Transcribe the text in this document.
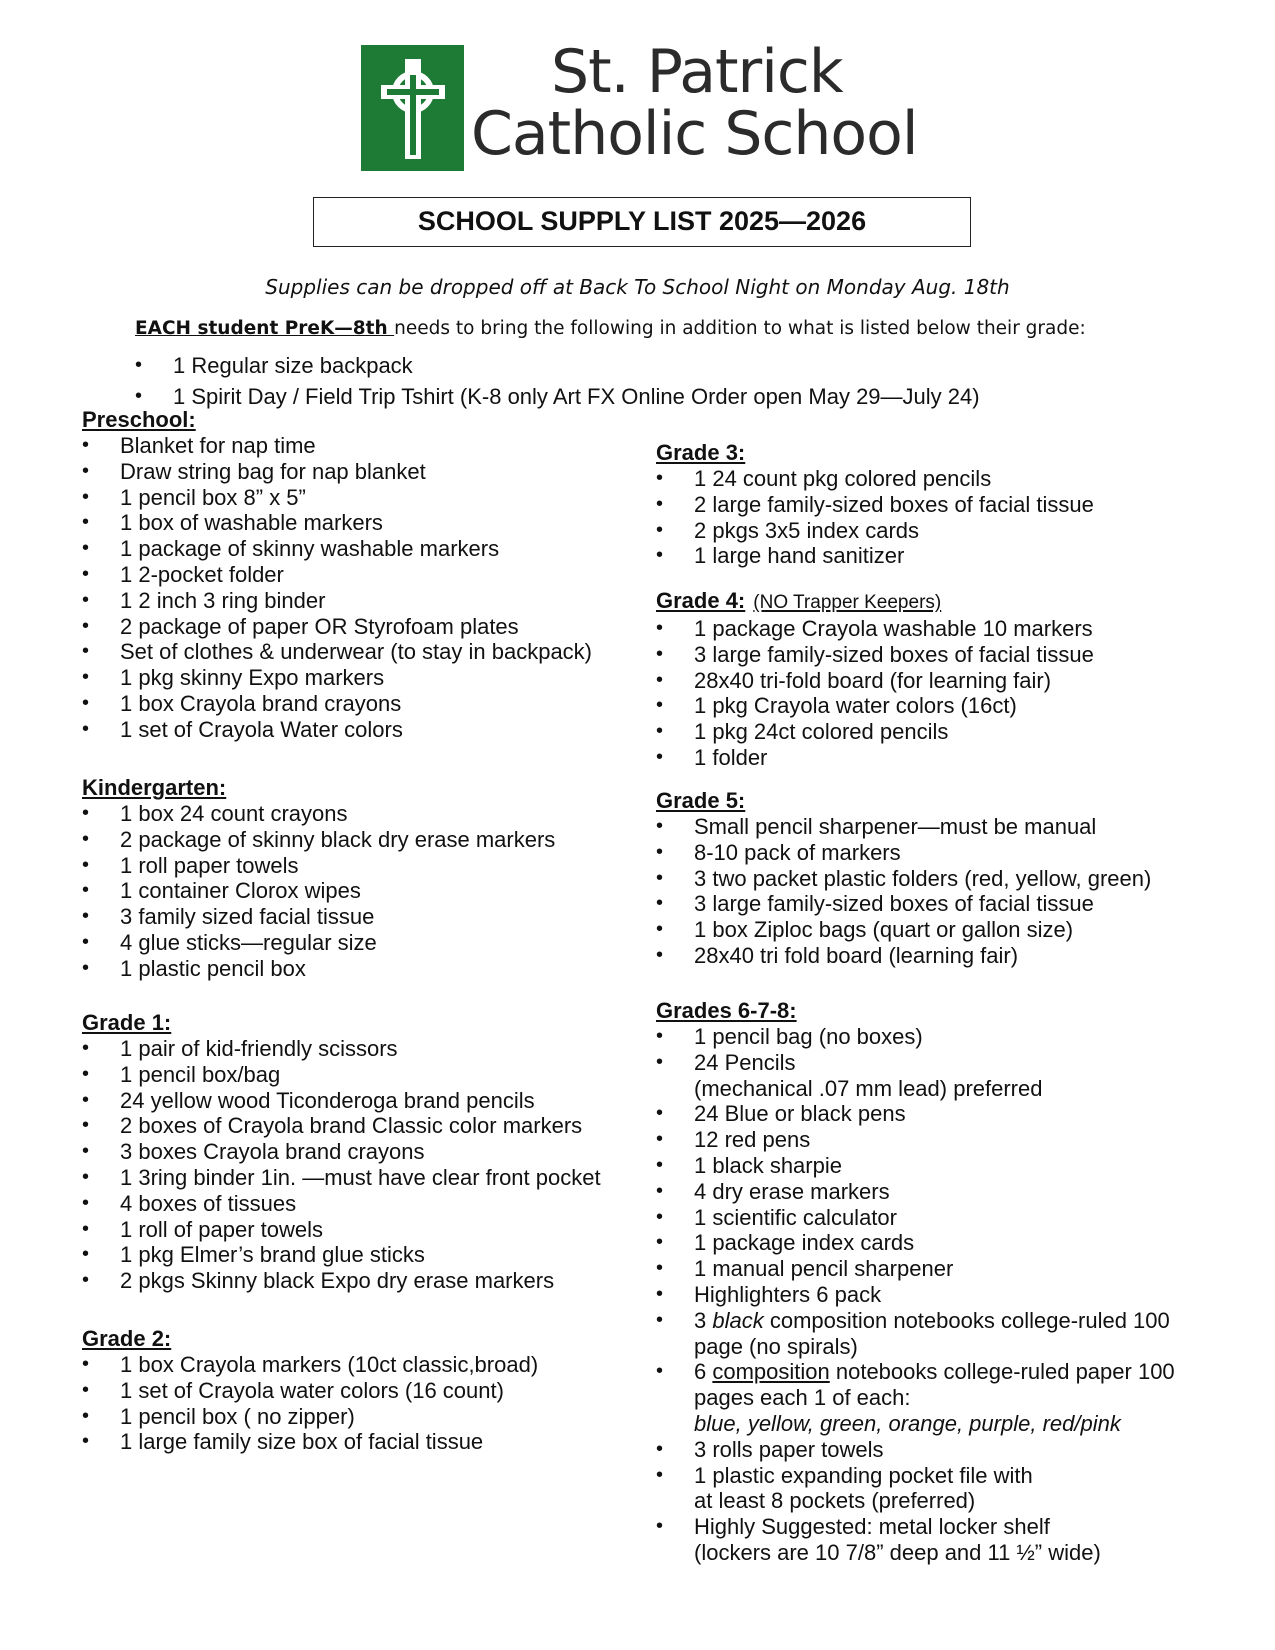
St. Patrick
Catholic School
SCHOOL SUPPLY LIST 2025—2026
Supplies can be dropped off at Back To School Night on Monday Aug. 18th
EACH student PreK—8th needs to bring the following in addition to what is listed below their grade:
• 1 Regular size backpack
• 1 Spirit Day / Field Trip Tshirt (K-8 only Art FX Online Order open May 29—July 24)
Preschool:
• Blanket for nap time
• Draw string bag for nap blanket
• 1 pencil box 8” x 5”
• 1 box of washable markers
• 1 package of skinny washable markers
• 1 2-pocket folder
• 1 2 inch 3 ring binder
• 2 package of paper OR Styrofoam plates
• Set of clothes & underwear (to stay in backpack)
• 1 pkg skinny Expo markers
• 1 box Crayola brand crayons
• 1 set of Crayola Water colors
Kindergarten:
• 1 box 24 count crayons
• 2 package of skinny black dry erase markers
• 1 roll paper towels
• 1 container Clorox wipes
• 3 family sized facial tissue
• 4 glue sticks—regular size
• 1 plastic pencil box
Grade 1:
• 1 pair of kid-friendly scissors
• 1 pencil box/bag
• 24 yellow wood Ticonderoga brand pencils
• 2 boxes of Crayola brand Classic color markers
• 3 boxes Crayola brand crayons
• 1 3ring binder 1in. —must have clear front pocket
• 4 boxes of tissues
• 1 roll of paper towels
• 1 pkg Elmer’s brand glue sticks
• 2 pkgs Skinny black Expo dry erase markers
Grade 2:
• 1 box Crayola markers (10ct classic,broad)
• 1 set of Crayola water colors (16 count)
• 1 pencil box ( no zipper)
• 1 large family size box of facial tissue
Grade 3:
• 1 24 count pkg colored pencils
• 2 large family-sized boxes of facial tissue
• 2 pkgs 3x5 index cards
• 1 large hand sanitizer
Grade 4: (NO Trapper Keepers)
• 1 package Crayola washable 10 markers
• 3 large family-sized boxes of facial tissue
• 28x40 tri-fold board (for learning fair)
• 1 pkg Crayola water colors (16ct)
• 1 pkg 24ct colored pencils
• 1 folder
Grade 5:
• Small pencil sharpener—must be manual
• 8-10 pack of markers
• 3 two packet plastic folders (red, yellow, green)
• 3 large family-sized boxes of facial tissue
• 1 box Ziploc bags (quart or gallon size)
• 28x40 tri fold board (learning fair)
Grades 6-7-8:
• 1 pencil bag (no boxes)
• 24 Pencils
(mechanical .07 mm lead) preferred
• 24 Blue or black pens
• 12 red pens
• 1 black sharpie
• 4 dry erase markers
• 1 scientific calculator
• 1 package index cards
• 1 manual pencil sharpener
• Highlighters 6 pack
• 3 black composition notebooks college-ruled 100
page (no spirals)
• 6 composition notebooks college-ruled paper 100
pages each 1 of each:
blue, yellow, green, orange, purple, red/pink
• 3 rolls paper towels
• 1 plastic expanding pocket file with
at least 8 pockets (preferred)
• Highly Suggested: metal locker shelf
(lockers are 10 7/8” deep and 11 ½” wide)
